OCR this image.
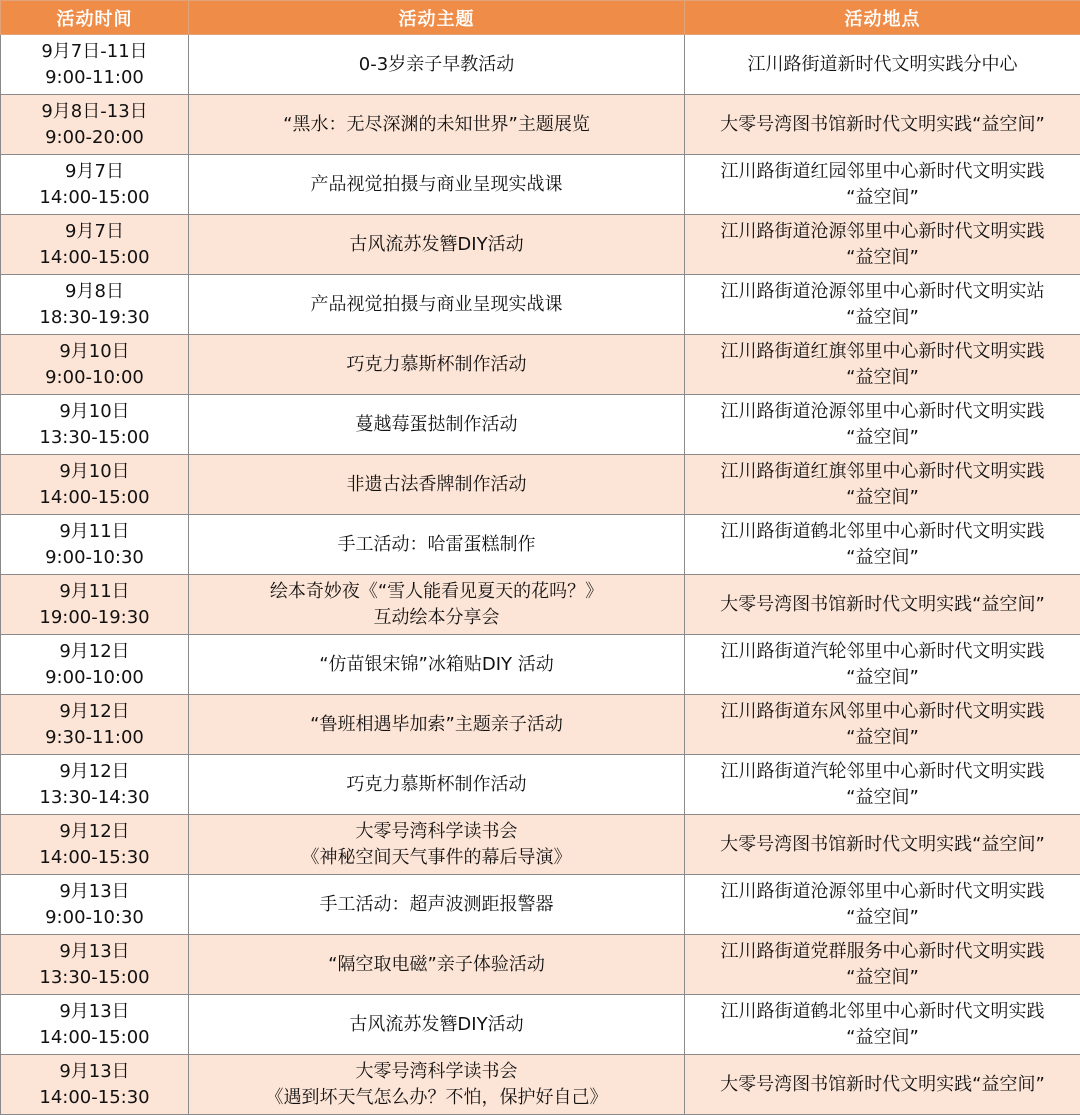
活动时间	活动主题	活动地点

9月7日-11日
9:00-11:00	0-3岁亲子早教活动	江川路街道新时代文明实践分中心

9月8日-13日
9:00-20:00	“黑水：无尽深渊的未知世界”主题展览	大零号湾图书馆新时代文明实践“益空间”

9月7日
14:00-15:00	产品视觉拍摄与商业呈现实战课	江川路街道红园邻里中心新时代文明实践
“益空间”

9月7日
14:00-15:00	古风流苏发簪DIY活动	江川路街道沧源邻里中心新时代文明实践
“益空间”

9月8日
18:30-19:30	产品视觉拍摄与商业呈现实战课	江川路街道沧源邻里中心新时代文明实站
“益空间”

9月10日
9:00-10:00	巧克力慕斯杯制作活动	江川路街道红旗邻里中心新时代文明实践
“益空间”

9月10日
13:30-15:00	蔓越莓蛋挞制作活动	江川路街道沧源邻里中心新时代文明实践
“益空间”

9月10日
14:00-15:00	非遗古法香牌制作活动	江川路街道红旗邻里中心新时代文明实践
“益空间”

9月11日
9:00-10:30	手工活动：哈雷蛋糕制作	江川路街道鹤北邻里中心新时代文明实践
“益空间”

9月11日
19:00-19:30	绘本奇妙夜《“雪人能看见夏天的花吗？》
互动绘本分享会	大零号湾图书馆新时代文明实践“益空间”

9月12日
9:00-10:00	“仿苗银宋锦”冰箱贴DIY 活动	江川路街道汽轮邻里中心新时代文明实践
“益空间”

9月12日
9:30-11:00	“鲁班相遇毕加索”主题亲子活动	江川路街道东风邻里中心新时代文明实践
“益空间”

9月12日
13:30-14:30	巧克力慕斯杯制作活动	江川路街道汽轮邻里中心新时代文明实践
“益空间”

9月12日
14:00-15:30	大零号湾科学读书会
《神秘空间天气事件的幕后导演》	大零号湾图书馆新时代文明实践“益空间”

9月13日
9:00-10:30	手工活动：超声波测距报警器	江川路街道沧源邻里中心新时代文明实践
“益空间”

9月13日
13:30-15:00	“隔空取电磁”亲子体验活动	江川路街道党群服务中心新时代文明实践
“益空间”

9月13日
14:00-15:00	古风流苏发簪DIY活动	江川路街道鹤北邻里中心新时代文明实践
“益空间”

9月13日
14:00-15:30	大零号湾科学读书会
《遇到坏天气怎么办？不怕，保护好自己》	大零号湾图书馆新时代文明实践“益空间”
